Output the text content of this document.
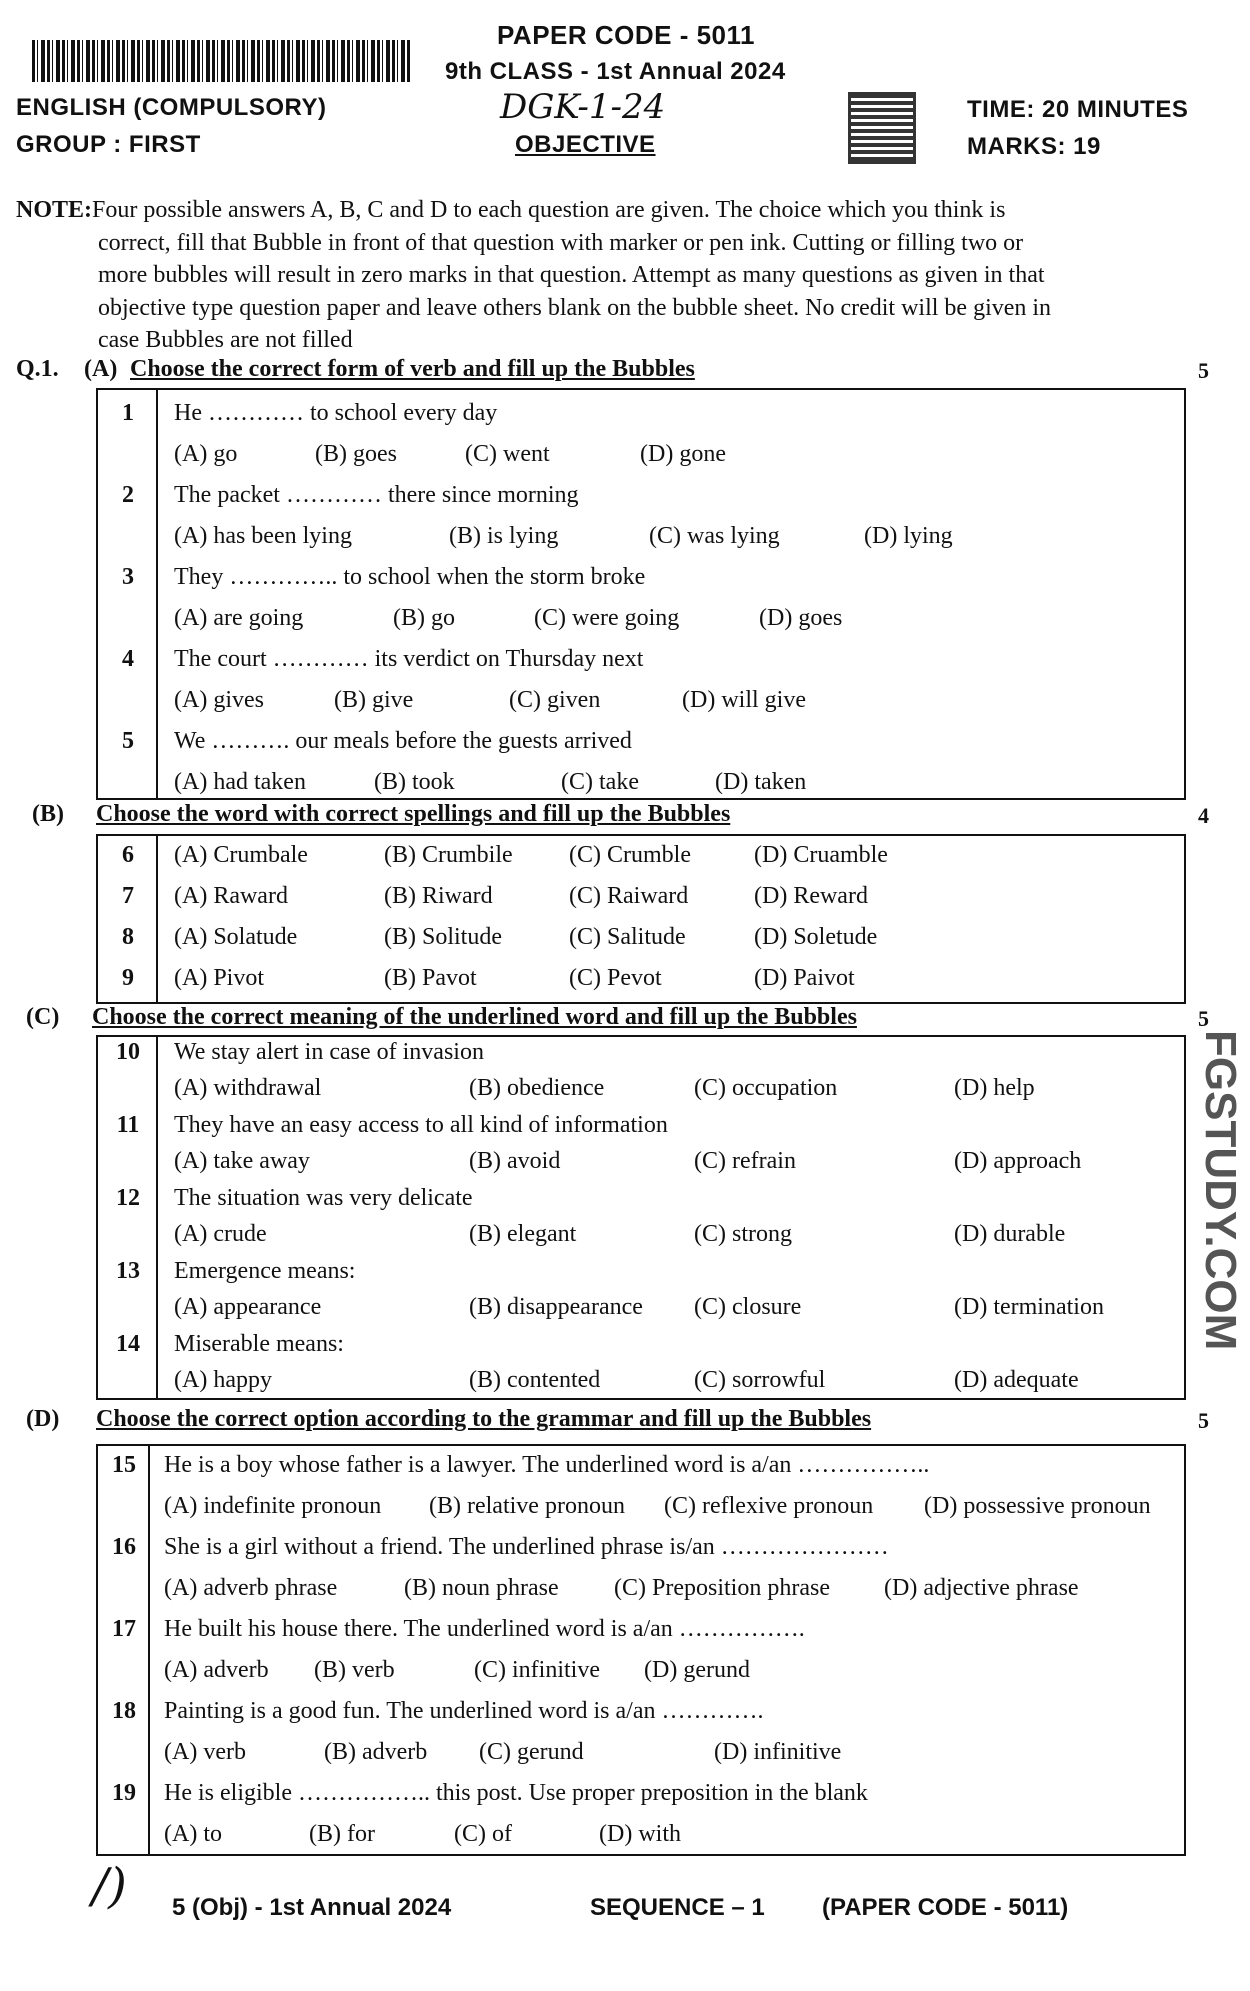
PAPER CODE - 5011
9th CLASS - 1st Annual 2024
ENGLISH (COMPULSORY)
GROUP : FIRST
DGK-1-24
OBJECTIVE
TIME: 20 MINUTES
MARKS: 19
NOTE:Four possible answers A, B, C and D to each question are given. The choice which you think is
correct, fill that Bubble in front of that question with marker or pen ink. Cutting or filling two or
more bubbles will result in zero marks in that question. Attempt as many questions as given in that
objective type question paper and leave others blank on the bubble sheet. No credit will be given in
case Bubbles are not filled
Q.1. (A) Choose the correct form of verb and fill up the Bubbles	5
1	He ………… to school every day
(A) go	(B) goes	(C) went	(D) gone
2	The packet ………… there since morning
(A) has been lying	(B) is lying	(C) was lying	(D) lying
3	They ………….. to school when the storm broke
(A) are going	(B) go	(C) were going	(D) goes
4	The court ………… its verdict on Thursday next
(A) gives	(B) give	(C) given	(D) will give
5	We ………. our meals before the guests arrived
(A) had taken	(B) took	(C) take	(D) taken
(B) Choose the word with correct spellings and fill up the Bubbles	4
6	(A) Crumbale	(B) Crumbile (C) Crumble	(D) Cruamble
7	(A) Raward	(B) Riward	(C) Raiward	(D) Reward
8	(A) Solatude	(B) Solitude	(C) Salitude	(D) Soletude
9	(A) Pivot	(B) Pavot	(C) Pevot	(D) Paivot
(C) Choose the correct meaning of the underlined word and fill up the Bubbles	5
10	We stay alert in case of invasion
(A) withdrawal	(B) obedience	(C) occupation	(D) help
11	They have an easy access to all kind of information
(A) take away	(B) avoid	(C) refrain	(D) approach
12	The situation was very delicate
(A) crude	(B) elegant	(C) strong	(D) durable
13	Emergence means:
(A) appearance	(B) disappearance (C) closure	(D) termination
14	Miserable means:
(A) happy	(B) contented	(C) sorrowful	(D) adequate
(D) Choose the correct option according to the grammar and fill up the Bubbles	5
15	He is a boy whose father is a lawyer. The underlined word is a/an ……………..
(A) indefinite pronoun (B) relative pronoun (C) reflexive pronoun (D) possessive pronoun
16	She is a girl without a friend. The underlined phrase is/an …………………
(A) adverb phrase	(B) noun phrase (C) Preposition phrase (D) adjective phrase
17	He built his house there. The underlined word is a/an …………….
(A) adverb (B) verb	(C) infinitive (D) gerund
18	Painting is a good fun. The underlined word is a/an ………….
(A) verb	(B) adverb (C) gerund	(D) infinitive
19	He is eligible …………….. this post. Use proper preposition in the blank
(A) to	(B) for	(C) of	(D) with
FGSTUDY.COM
/) 5 (Obj) - 1st Annual 2024	SEQUENCE – 1 (PAPER CODE - 5011)
